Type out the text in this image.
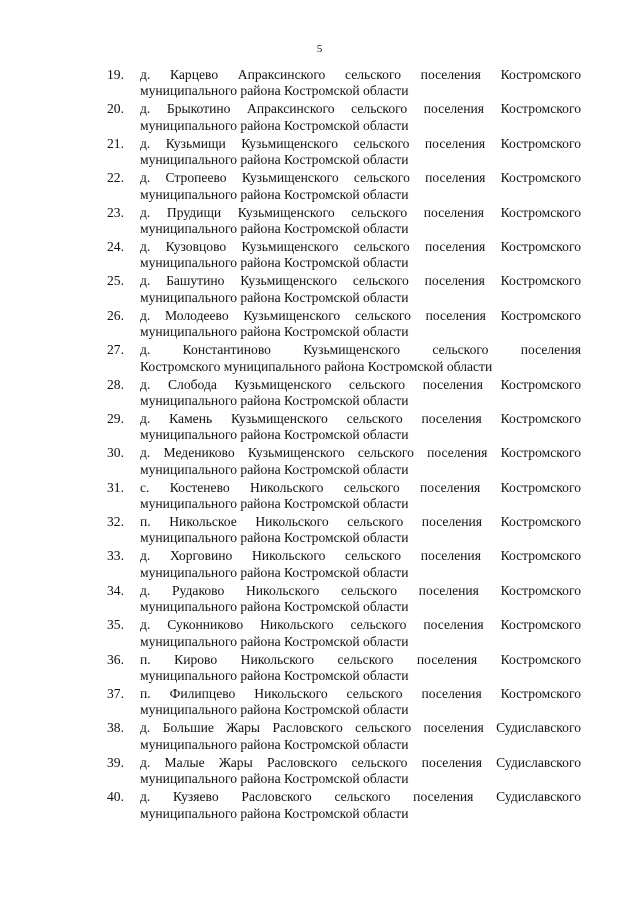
5
19.	д. Карцево Апраксинского сельского поселения Костромского
муниципального района Костромской области
20.	д. Брыкотино Апраксинского сельского поселения Костромского
муниципального района Костромской области
21.	д. Кузьмищи Кузьмищенского сельского поселения Костромского
муниципального района Костромской области
22.	д. Стропеево Кузьмищенского сельского поселения Костромского
муниципального района Костромской области
23.	д. Прудищи Кузьмищенского сельского поселения Костромского
муниципального района Костромской области
24.	д. Кузовцово Кузьмищенского сельского поселения Костромского
муниципального района Костромской области
25.	д. Башутино Кузьмищенского сельского поселения Костромского
муниципального района Костромской области
26.	д. Молодеево Кузьмищенского сельского поселения Костромского
муниципального района Костромской области
27.	д. Константиново Кузьмищенского сельского поселения
Костромского муниципального района Костромской области
28.	д. Слобода Кузьмищенского сельского поселения Костромского
муниципального района Костромской области
29.	д. Камень Кузьмищенского сельского поселения Костромского
муниципального района Костромской области
30.	д. Медениково Кузьмищенского сельского поселения Костромского
муниципального района Костромской области
31.	с. Костенево Никольского сельского поселения Костромского
муниципального района Костромской области
32.	п. Никольское Никольского сельского поселения Костромского
муниципального района Костромской области
33.	д. Хорговино Никольского сельского поселения Костромского
муниципального района Костромской области
34.	д. Рудаково Никольского сельского поселения Костромского
муниципального района Костромской области
35.	д. Суконниково Никольского сельского поселения Костромского
муниципального района Костромской области
36.	п. Кирово Никольского сельского поселения Костромского
муниципального района Костромской области
37.	п. Филипцево Никольского сельского поселения Костромского
муниципального района Костромской области
38.	д. Большие Жары Расловского сельского поселения Судиславского
муниципального района Костромской области
39.	д. Малые Жары Расловского сельского поселения Судиславского
муниципального района Костромской области
40.	д. Кузяево Расловского сельского поселения Судиславского
муниципального района Костромской области
